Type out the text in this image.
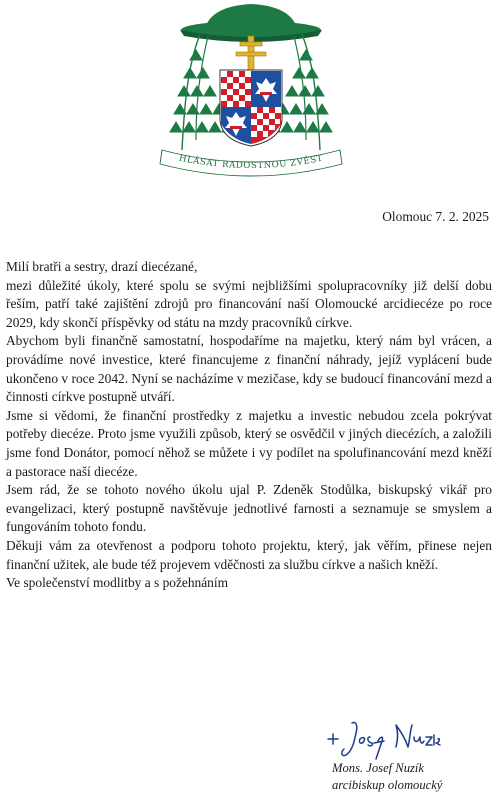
HLÁSAT RADOSTNOU ZVĚST
Olomouc 7. 2. 2025

Milí bratři a sestry, drazí diecézané,

mezi důležité úkoly, které spolu se svými nejbližšími spolupracovníky již delší dobu řeším, patří také zajištění zdrojů pro financování naší Olomoucké arcidiecéze po roce 2029, kdy skončí příspěvky od státu na mzdy pracovníků církve.

Abychom byli finančně samostatní, hospodaříme na majetku, který nám byl vrácen, a provádíme nové investice, které financujeme z finanční náhrady, jejíž vyplácení bude ukončeno v roce 2042. Nyní se nacházíme v mezičase, kdy se budoucí financování mezd a činnosti církve postupně utváří.

Jsme si vědomi, že finanční prostředky z majetku a investic nebudou zcela pokrývat potřeby diecéze. Proto jsme využili způsob, který se osvědčil v jiných diecézích, a založili jsme fond Donátor, pomocí něhož se můžete i vy podílet na spolufinancování mezd kněží a pastorace naší diecéze.

Jsem rád, že se tohoto nového úkolu ujal P. Zdeněk Stodůlka, biskupský vikář pro evangelizaci, který postupně navštěvuje jednotlivé farnosti a seznamuje se smyslem a fungováním tohoto fondu.

Děkuji vám za otevřenost a podporu tohoto projektu, který, jak věřím, přinese nejen finanční užitek, ale bude též projevem vděčnosti za službu církve a našich kněží.

Ve společenství modlitby a s požehnáním

Mons. Josef Nuzík
arcibiskup olomoucký
